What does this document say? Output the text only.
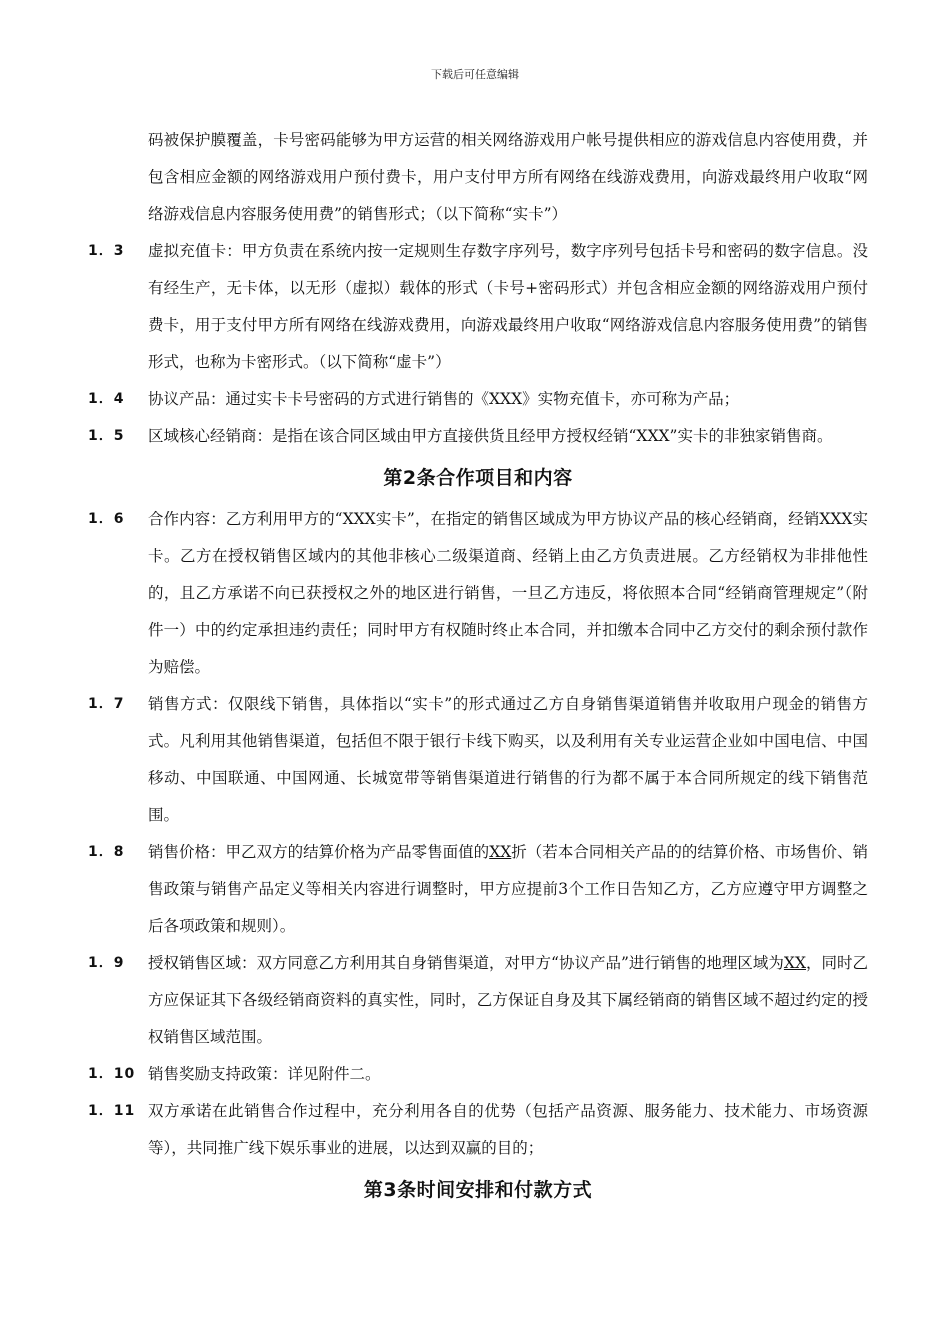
下载后可任意编辑
码被保护膜覆盖，卡号密码能够为甲方运营的相关网络游戏用户帐号提供相应的游戏信息内容使用费，并包含相应金额的网络游戏用户预付费卡，用户支付甲方所有网络在线游戏费用，向游戏最终用户收取“网络游戏信息内容服务使用费”的销售形式；（以下简称“实卡”）
1．3	虚拟充值卡：甲方负责在系统内按一定规则生存数字序列号，数字序列号包括卡号和密码的数字信息。没有经生产，无卡体，以无形（虚拟）载体的形式（卡号+密码形式）并包含相应金额的网络游戏用户预付费卡，用于支付甲方所有网络在线游戏费用，向游戏最终用户收取“网络游戏信息内容服务使用费”的销售形式，也称为卡密形式。（以下简称“虚卡”）
1．4	协议产品：通过实卡卡号密码的方式进行销售的《XXX》实物充值卡，亦可称为产品；
1．5	区域核心经销商：是指在该合同区域由甲方直接供货且经甲方授权经销“XXX”实卡的非独家销售商。
第2条合作项目和内容
1．6	合作内容：乙方利用甲方的“XXX实卡”，在指定的销售区域成为甲方协议产品的核心经销商，经销XXX实卡。乙方在授权销售区域内的其他非核心二级渠道商、经销上由乙方负责进展。乙方经销权为非排他性的，且乙方承诺不向已获授权之外的地区进行销售，一旦乙方违反，将依照本合同“经销商管理规定”（附件一）中的约定承担违约责任；同时甲方有权随时终止本合同，并扣缴本合同中乙方交付的剩余预付款作为赔偿。
1．7	销售方式：仅限线下销售，具体指以“实卡”的形式通过乙方自身销售渠道销售并收取用户现金的销售方式。凡利用其他销售渠道，包括但不限于银行卡线下购买，以及利用有关专业运营企业如中国电信、中国移动、中国联通、中国网通、长城宽带等销售渠道进行销售的行为都不属于本合同所规定的线下销售范围。
1．8	销售价格：甲乙双方的结算价格为产品零售面值的XX折（若本合同相关产品的的结算价格、市场售价、销售政策与销售产品定义等相关内容进行调整时，甲方应提前3个工作日告知乙方，乙方应遵守甲方调整之后各项政策和规则）。
1．9	授权销售区域：双方同意乙方利用其自身销售渠道，对甲方“协议产品”进行销售的地理区域为XX，同时乙方应保证其下各级经销商资料的真实性，同时，乙方保证自身及其下属经销商的销售区域不超过约定的授权销售区域范围。
1．10 销售奖励支持政策：详见附件二。
1．11 双方承诺在此销售合作过程中，充分利用各自的优势（包括产品资源、服务能力、技术能力、市场资源等），共同推广线下娱乐事业的进展，以达到双赢的目的；
第3条时间安排和付款方式
